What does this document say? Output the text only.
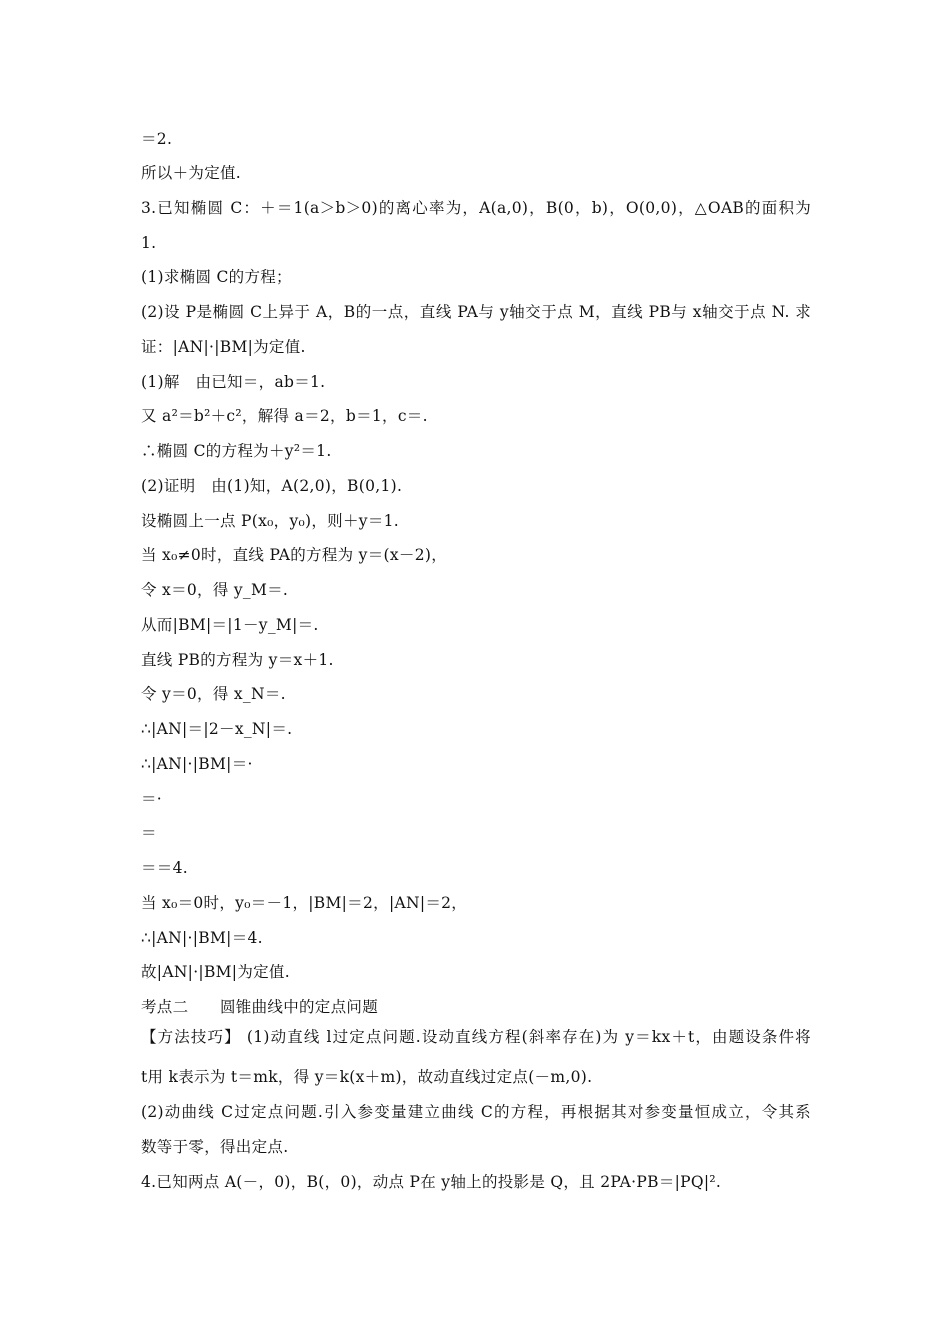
＝2.
所以＋为定值.
3.已知椭圆 C：＋＝1(a＞b＞0)的离心率为，A(a,0)，B(0，b)，O(0,0)，△OAB的面积为
1.
(1)求椭圆 C的方程；
(2)设 P是椭圆 C上异于 A，B的一点，直线 PA与 y轴交于点 M，直线 PB与 x轴交于点 N. 求
证：|AN|·|BM|为定值.
(1)解　由已知＝，ab＝1.
又 a²＝b²＋c²，解得 a＝2，b＝1，c＝.
∴椭圆 C的方程为＋y²＝1.
(2)证明　由(1)知，A(2,0)，B(0,1).
设椭圆上一点 P(x₀，y₀)，则＋y＝1.
当 x₀≠0时，直线 PA的方程为 y＝(x－2)，
令 x＝0，得 y_M＝.
从而|BM|＝|1－y_M|＝.
直线 PB的方程为 y＝x＋1.
令 y＝0，得 x_N＝.
∴|AN|＝|2－x_N|＝.
∴|AN|·|BM|＝·
＝·
＝
＝＝4.
当 x₀＝0时，y₀＝－1，|BM|＝2，|AN|＝2，
∴|AN|·|BM|＝4.
故|AN|·|BM|为定值.
考点二　　圆锥曲线中的定点问题
【方法技巧】 (1)动直线 l过定点问题.设动直线方程(斜率存在)为 y＝kx＋t，由题设条件将
t用 k表示为 t＝mk，得 y＝k(x＋m)，故动直线过定点(－m,0).
(2)动曲线 C过定点问题.引入参变量建立曲线 C的方程，再根据其对参变量恒成立，令其系
数等于零，得出定点.
4.已知两点 A(－，0)，B(，0)，动点 P在 y轴上的投影是 Q，且 2PA·PB＝|PQ|².
